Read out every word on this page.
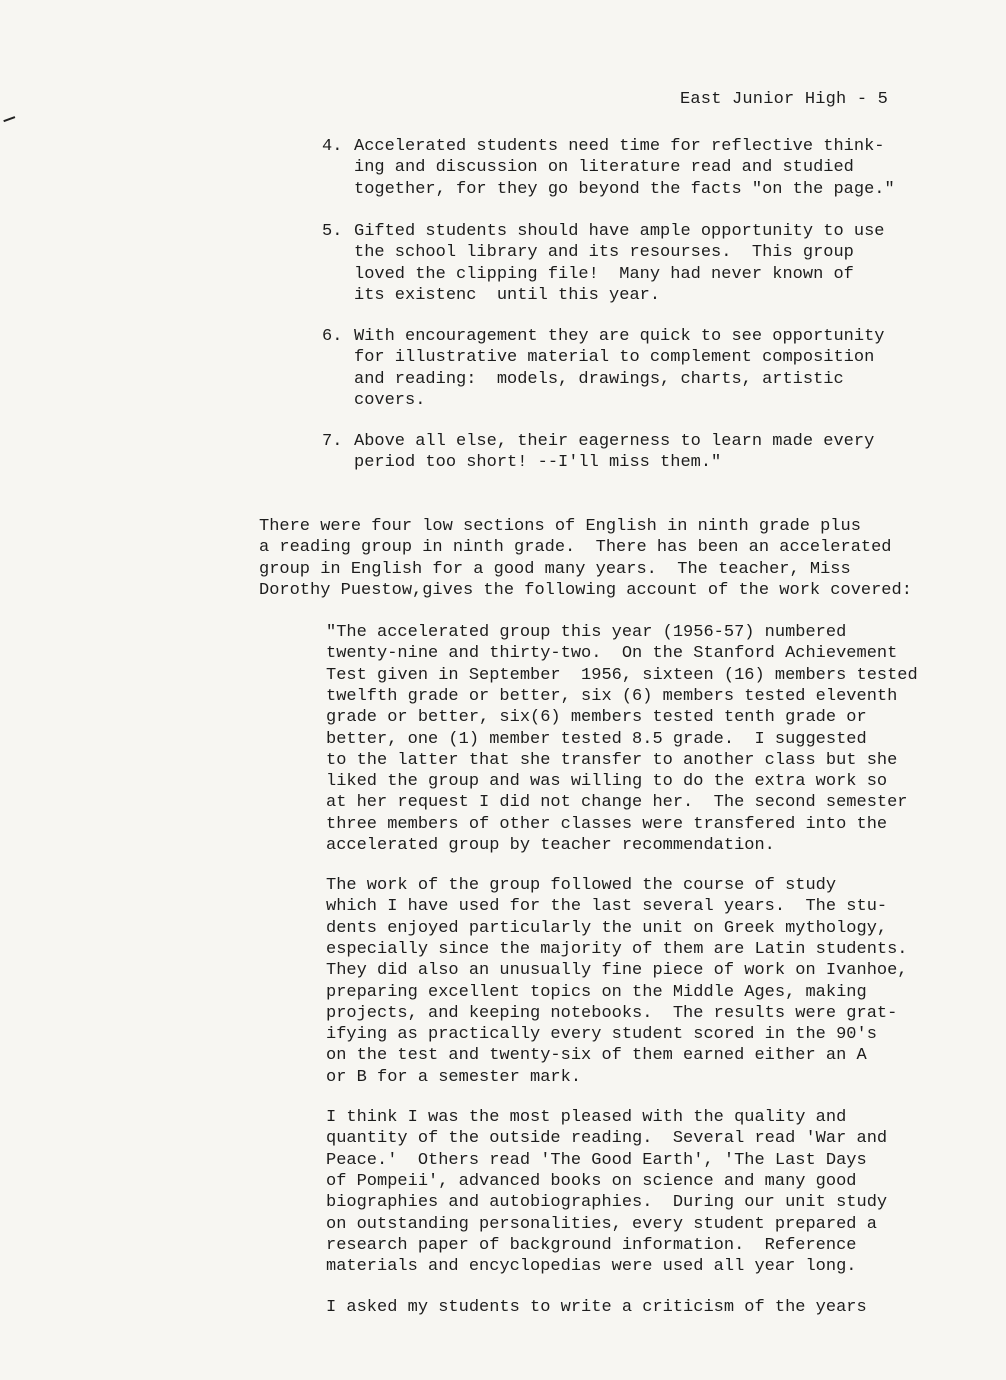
East Junior High - 5
4. Accelerated students need time for reflective think-
ing and discussion on literature read and studied
together, for they go beyond the facts "on the page."
5. Gifted students should have ample opportunity to use
the school library and its resourses.  This group
loved the clipping file!  Many had never known of
its existenc  until this year.
6. With encouragement they are quick to see opportunity
for illustrative material to complement composition
and reading:  models, drawings, charts, artistic
covers.
7. Above all else, their eagerness to learn made every
period too short! --I'll miss them."
There were four low sections of English in ninth grade plus
a reading group in ninth grade.  There has been an accelerated
group in English for a good many years.  The teacher, Miss
Dorothy Puestow,gives the following account of the work covered:
"The accelerated group this year (1956-57) numbered
twenty-nine and thirty-two.  On the Stanford Achievement
Test given in September  1956, sixteen (16) members tested
twelfth grade or better, six (6) members tested eleventh
grade or better, six(6) members tested tenth grade or
better, one (1) member tested 8.5 grade.  I suggested
to the latter that she transfer to another class but she
liked the group and was willing to do the extra work so
at her request I did not change her.  The second semester
three members of other classes were transfered into the
accelerated group by teacher recommendation.
The work of the group followed the course of study
which I have used for the last several years.  The stu-
dents enjoyed particularly the unit on Greek mythology,
especially since the majority of them are Latin students.
They did also an unusually fine piece of work on Ivanhoe,
preparing excellent topics on the Middle Ages, making
projects, and keeping notebooks.  The results were grat-
ifying as practically every student scored in the 90's
on the test and twenty-six of them earned either an A
or B for a semester mark.
I think I was the most pleased with the quality and
quantity of the outside reading.  Several read 'War and
Peace.'  Others read 'The Good Earth', 'The Last Days
of Pompeii', advanced books on science and many good
biographies and autobiographies.  During our unit study
on outstanding personalities, every student prepared a
research paper of background information.  Reference
materials and encyclopedias were used all year long.
I asked my students to write a criticism of the years
